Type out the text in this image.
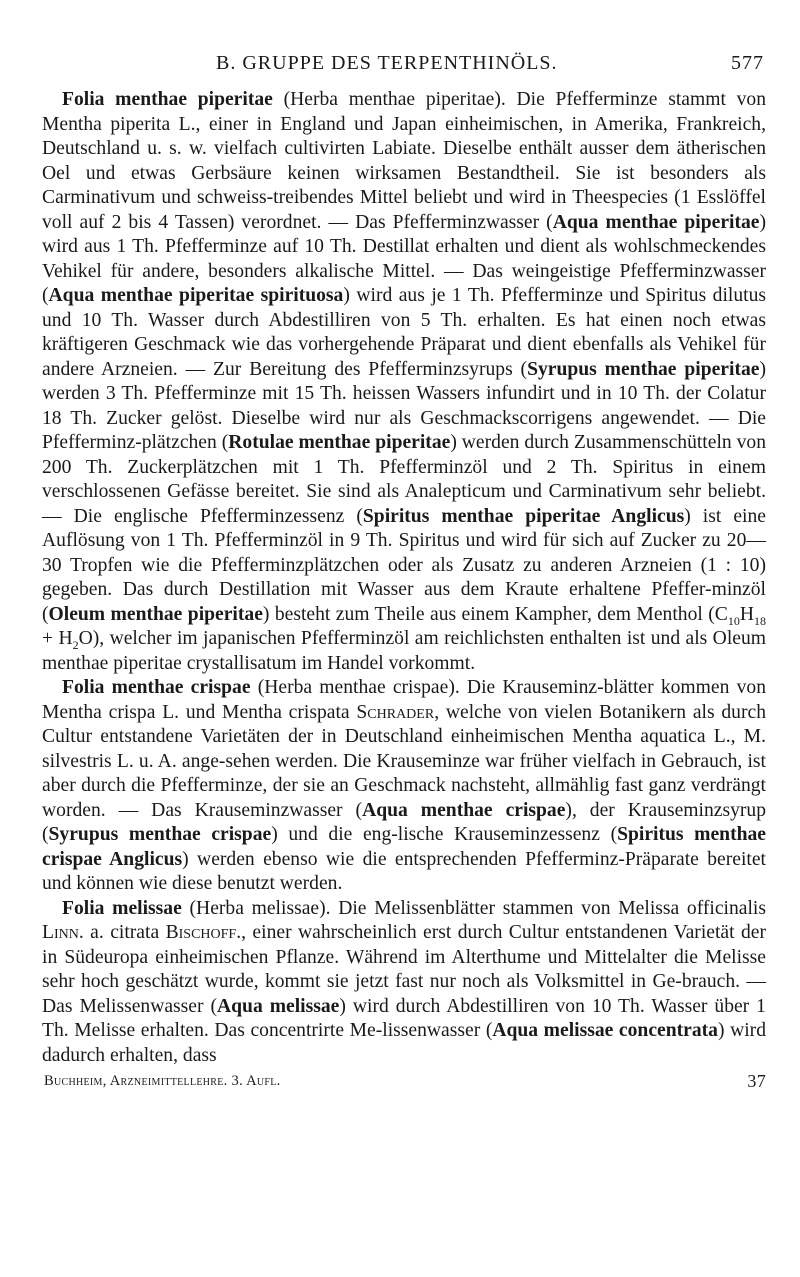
B. GRUPPE DES TERPENTHINÖLS.	577

Folia menthae piperitae (Herba menthae piperitae). Die Pfefferminze stammt von Mentha piperita L., einer in England und Japan einheimischen, in Amerika, Frankreich, Deutschland u. s. w. vielfach cultivirten Labiate. Dieselbe enthält ausser dem ätherischen Oel und etwas Gerbsäure keinen wirksamen Bestandtheil. Sie ist besonders als Carminativum und schweiss-treibendes Mittel beliebt und wird in Theespecies (1 Esslöffel voll auf 2 bis 4 Tassen) verordnet. — Das Pfefferminzwasser (Aqua menthae piperitae) wird aus 1 Th. Pfefferminze auf 10 Th. Destillat erhalten und dient als wohlschmeckendes Vehikel für andere, besonders alkalische Mittel. — Das weingeistige Pfefferminzwasser (Aqua menthae piperitae spirituosa) wird aus je 1 Th. Pfefferminze und Spiritus dilutus und 10 Th. Wasser durch Abdestilliren von 5 Th. erhalten. Es hat einen noch etwas kräftigeren Geschmack wie das vorhergehende Präparat und dient ebenfalls als Vehikel für andere Arzneien. — Zur Bereitung des Pfefferminzsyrups (Syrupus menthae piperitae) werden 3 Th. Pfefferminze mit 15 Th. heissen Wassers infundirt und in 10 Th. der Colatur 18 Th. Zucker gelöst. Dieselbe wird nur als Geschmackscorrigens angewendet. — Die Pfefferminz-plätzchen (Rotulae menthae piperitae) werden durch Zusammenschütteln von 200 Th. Zuckerplätzchen mit 1 Th. Pfefferminzöl und 2 Th. Spiritus in einem verschlossenen Gefässe bereitet. Sie sind als Analepticum und Carminativum sehr beliebt. — Die englische Pfefferminzessenz (Spiritus menthae piperitae Anglicus) ist eine Auflösung von 1 Th. Pfefferminzöl in 9 Th. Spiritus und wird für sich auf Zucker zu 20—30 Tropfen wie die Pfefferminzplätzchen oder als Zusatz zu anderen Arzneien (1 : 10) gegeben. Das durch Destillation mit Wasser aus dem Kraute erhaltene Pfeffer-minzöl (Oleum menthae piperitae) besteht zum Theile aus einem Kampher, dem Menthol $(C_{10}H_{18} + H_2O)$, welcher im japanischen Pfefferminzöl am reichlichsten enthalten ist und als Oleum menthae piperitae crystallisatum im Handel vorkommt.

Folia menthae crispae (Herba menthae crispae). Die Krauseminz-blätter kommen von Mentha crispa L. und Mentha crispata Schrader, welche von vielen Botanikern als durch Cultur entstandene Varietäten der in Deutschland einheimischen Mentha aquatica L., M. silvestris L. u. A. ange-sehen werden. Die Krauseminze war früher vielfach in Gebrauch, ist aber durch die Pfefferminze, der sie an Geschmack nachsteht, allmählig fast ganz verdrängt worden. — Das Krauseminzwasser (Aqua menthae crispae), der Krauseminzsyrup (Syrupus menthae crispae) und die eng-lische Krauseminzessenz (Spiritus menthae crispae Anglicus) werden ebenso wie die entsprechenden Pfefferminz-Präparate bereitet und können wie diese benutzt werden.

Folia melissae (Herba melissae). Die Melissenblätter stammen von Melissa officinalis Linn. a. citrata Bischoff., einer wahrscheinlich erst durch Cultur entstandenen Varietät der in Südeuropa einheimischen Pflanze. Während im Alterthume und Mittelalter die Melisse sehr hoch geschätzt wurde, kommt sie jetzt fast nur noch als Volksmittel in Ge-brauch. — Das Melissenwasser (Aqua melissae) wird durch Abdestilliren von 10 Th. Wasser über 1 Th. Melisse erhalten. Das concentrirte Me-lissenwasser (Aqua melissae concentrata) wird dadurch erhalten, dass

Buchheim, Arzneimittellehre. 3. Aufl.	37
